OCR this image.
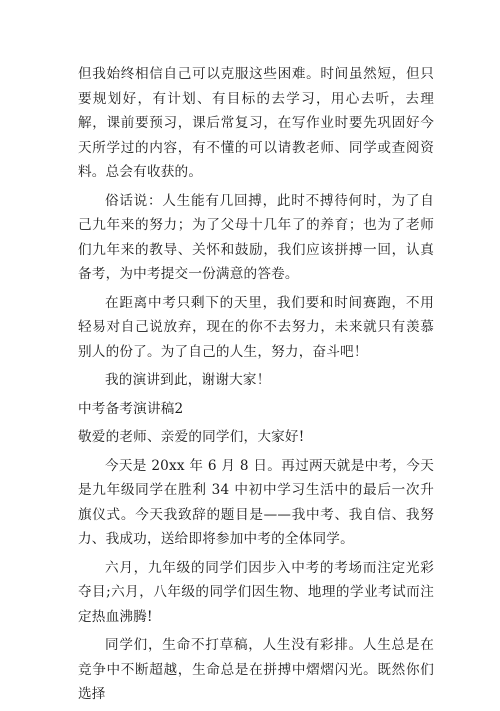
但我始终相信自己可以克服这些困难。时间虽然短，但只要规划好，有计划、有目标的去学习，用心去听，去理解，课前要预习，课后常复习，在写作业时要先巩固好今天所学过的内容，有不懂的可以请教老师、同学或查阅资料。总会有收获的。

俗话说：人生能有几回搏，此时不搏待何时，为了自己九年来的努力；为了父母十几年了的养育；也为了老师们九年来的教导、关怀和鼓励，我们应该拼搏一回，认真备考，为中考提交一份满意的答卷。

在距离中考只剩下的天里，我们要和时间赛跑，不用轻易对自己说放弃，现在的你不去努力，未来就只有羡慕别人的份了。为了自己的人生，努力，奋斗吧！

我的演讲到此，谢谢大家！

中考备考演讲稿2

敬爱的老师、亲爱的同学们，大家好!

今天是 20xx 年 6 月 8 日。再过两天就是中考，今天是九年级同学在胜利 34 中初中学习生活中的最后一次升旗仪式。今天我致辞的题目是——我中考、我自信、我努力、我成功，送给即将参加中考的全体同学。

六月，九年级的同学们因步入中考的考场而注定光彩夺目;六月，八年级的同学们因生物、地理的学业考试而注定热血沸腾!

同学们，生命不打草稿，人生没有彩排。人生总是在竞争中不断超越，生命总是在拼搏中熠熠闪光。既然你们选择
